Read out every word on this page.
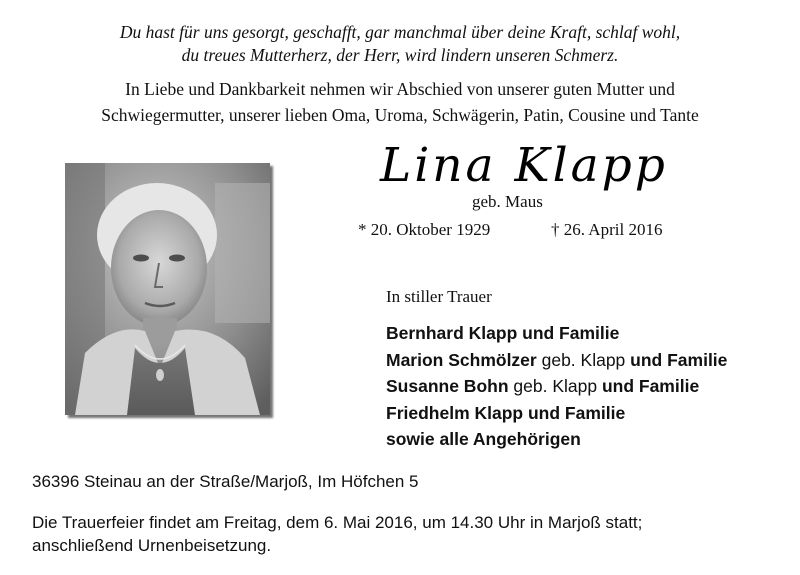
Du hast für uns gesorgt, geschafft, gar manchmal über deine Kraft, schlaf wohl,
du treues Mutterherz, der Herr, wird lindern unseren Schmerz.
In Liebe und Dankbarkeit nehmen wir Abschied von unserer guten Mutter und
Schwiegermutter, unserer lieben Oma, Uroma, Schwägerin, Patin, Cousine und Tante
Lina Klapp
geb. Maus
* 20. Oktober 1929	† 26. April 2016
In stiller Trauer
Bernhard Klapp und Familie
Marion Schmölzer geb. Klapp und Familie
Susanne Bohn geb. Klapp und Familie
Friedhelm Klapp und Familie
sowie alle Angehörigen
36396 Steinau an der Straße/Marjoß, Im Höfchen 5
Die Trauerfeier findet am Freitag, dem 6. Mai 2016, um 14.30 Uhr in Marjoß statt;
anschließend Urnenbeisetzung.
